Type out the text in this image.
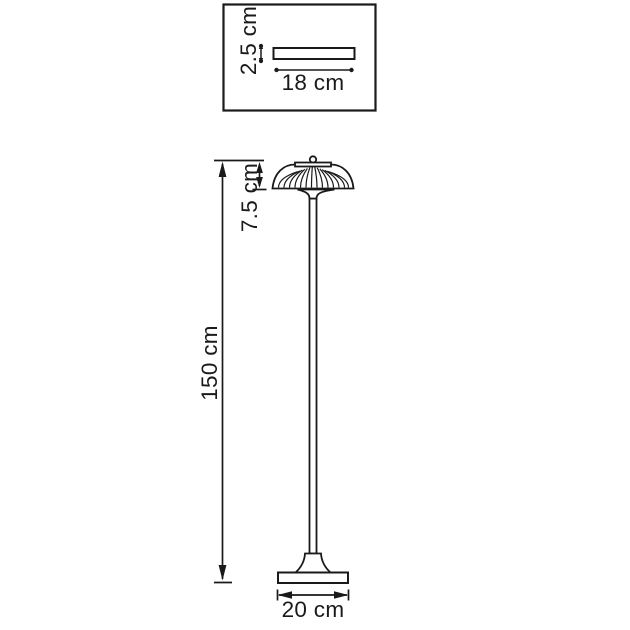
2.5 cm
18 cm
150 cm
7.5 cm
20 cm
